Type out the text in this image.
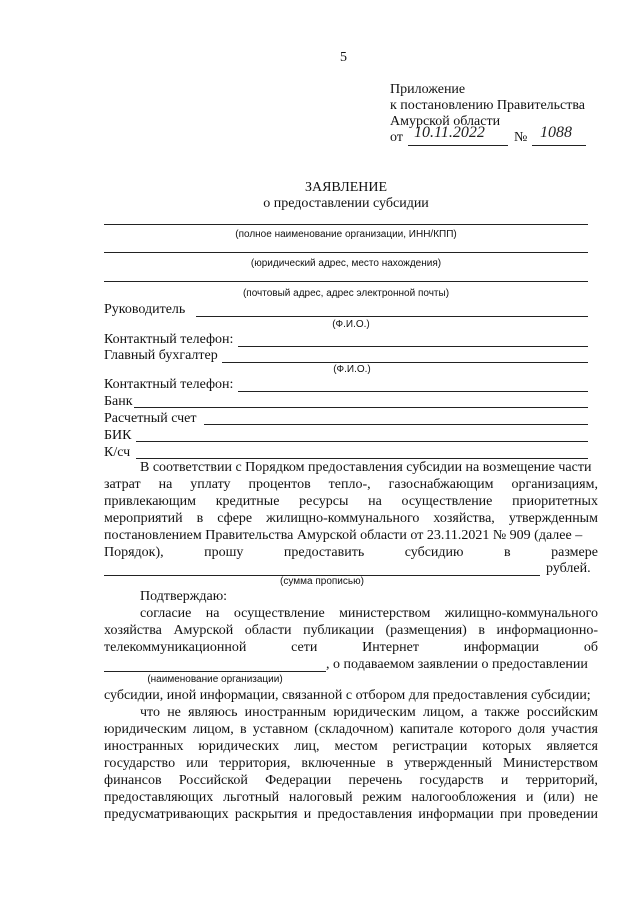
5
Приложение
к постановлению Правительства
Амурской области
от 10.11.2022 № 1088
ЗАЯВЛЕНИЕ
о предоставлении субсидии
(полное наименование организации, ИНН/КПП)
(юридический адрес, место нахождения)
(почтовый адрес, адрес электронной почты)
Руководитель
(Ф.И.О.)
Контактный телефон:
Главный бухгалтер
(Ф.И.О.)
Контактный телефон:
Банк
Расчетный счет
БИК
К/сч
В соответствии с Порядком предоставления субсидии на возмещение части
затрат на уплату процентов тепло-, газоснабжающим организациям,
привлекающим кредитные ресурсы на осуществление приоритетных
мероприятий в сфере жилищно-коммунального хозяйства, утвержденным
постановлением Правительства Амурской области от 23.11.2021 № 909 (далее –
Порядок),	прошу	предоставить	субсидию	в	размере
рублей.
(сумма прописью)
Подтверждаю:
согласие на осуществление министерством жилищно-коммунального
хозяйства Амурской области публикации (размещения) в информационно-
телекоммуникационной	сети	Интернет	информации	об
, о подаваемом заявлении о предоставлении
(наименование организации)
субсидии, иной информации, связанной с отбором для предоставления субсидии;
что не являюсь иностранным юридическим лицом, а также российским
юридическим лицом, в уставном (складочном) капитале которого доля участия
иностранных юридических лиц, местом регистрации которых является
государство или территория, включенные в утвержденный Министерством
финансов Российской Федерации перечень государств и территорий,
предоставляющих льготный налоговый режим налогообложения и (или) не
предусматривающих раскрытия и предоставления информации при проведении
